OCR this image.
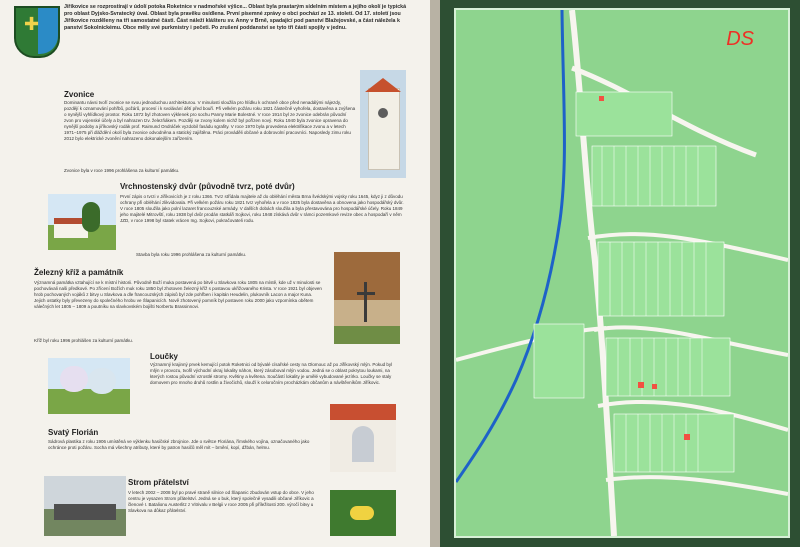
✚
Jiříkovice se rozprostírají v údolí potoka Roketnice v nadmořské výšce... Oblast byla prastarým sídelním místem a jejího okolí je typická pro oblast Dyjsko-Svratecký úval. Oblast byla pravěku osídlena. První písemné zprávy o obci pochází ze 13. století. Od 17. století jsou Jiříkovice rozděleny na tři samostatné části. Část náleží klášteru sv. Anny v Brně, spadající pod panství Blažejovské, a část náležela k panství Sokolnickému. Obce měly své purkmistry i pečeti. Po zrušení poddanství se tyto tři části spojily v jednu.
Zvonice
Dominantu návsi tvoří zvonice se svou jednoduchou architekturou. V minulosti sloužila pro hlídku k ochraně obce před nenadálými nájezdy, pozdějí k oznamování pohřbů, požárů, procesí i k svolávání dětí před bouří. Při velkém požáru roku 1821 částečně vyhořela, dostavěna a zvýšena o nynější vyhlídkový prostor. Roku 1872 byl zhotoven výklenek pro sochu Panny Marie Bolestné. V roce 1914 byl ze zvonice odebrán původní zvon pro vojenské účely a byl nahrazen tzv. železňákem. Později se zvony kolem nichž byl pořízen nový. Roku 1940 byla zvonice opravena do nynější podoby a jiříkovský rodák prof. Raimund Ondráček vyzdobil fasádu sgrafity. V roce 1970 byla provedena elektrifikace zvonu a v letech 1971–1975 při dláždění okolí byla zvonice odvodněna a statický zajištěna. Práci prováděli občané a dobrovolní pracovníci. Naposledy zimu roku 2012 bylo elektrické zvonění nahrazeno dokonalejším zařízením.
Zvonice byla v roce 1996 prohlášena za kulturní památku.
Vrchnostenský dvůr (původně tvrz, poté dvůr)
První zápis o tvrzi v Jiříkovicích je z roku 1366. Tvrz střídala majitele až do obléhání města Brna švédskými vojsky roku 1645, kdyz ji z důvodu ochrany při obléhání zlikvidovala. Při velkém požáru roku 1821 tvrz vyhořela a v roce 1825 byla dostavěna a obnovena jako hospodářský dvůr. V roce 1805 sloužila jako polní lazaret francouzské armády. V dalších dobách sloužila a byla přestavována pro hospodářské účely. Roku 1849 jeho majitelé Mitrovští, roku 1938 byl dvůr prodán statkáři Sojkovi, roku 1948 získává dvůr v rámci pozemkové revize obec a hospodaří v něm JZD, v roce 1998 byl statek vrácen Ing. Sojkovi, pokračovateli rodu.
Stavba byla roku 1996 prohlášena za kulturní památku.
Železný kříž a památník
Významná památka vztahující se k místní historii. Původně Boží muka postavená po bitvě u Slavkova roku 1805 na místě, kde už v minulosti se pochovávali naši předkové. Po zřícení Božích muk roku 1850 byl zhotoven železný kříž s postavou ukřižovaného Krista. V roce 1921 byl objeven hrob pochovaných vojáků z bitvy u Slavkova a dle francouzských zápisů byl zde pohřben i kapitán Heudelin, plukovník Lacon a major Kuna. Jejich ostatky byly převezeny do společného hrobu ve Šlapanicích. Nově zhotovený pomník byl postaven roku 2000 jako vzpomínka obětem válečných let 1805 – 1809 a poutníku na slavkovském bojišti Norbertu Brassinnovi.
Kříž byl roku 1996 prohlášen za kulturní památku.
Loučky
Významný krajinný prvek kemující potok Roketnici od bývalé císařské cesty na Olomouc až po Jiříkovský mlýn. Pokud byl mlýn v provozu, tvořil východní okraj lokality náhon, který zásoboval mlýn vodou. Jedná se o oblast pokrytou loukami, na kterých rostou původní vzrostlé stromy. Květiny a květena. Součástí lokality je umělé vybudované jezírko. Loučky se staly domovem pro mnoho druhů rostlin a živočichů, slouží k celoročním procházkám občanům a návštěvníkům Jiříkovic.
Svatý Florián
Sádrová plastika z roku 1906 umístěná ve výklenku hasičské zbrojnice. Jde o světce Floriána, římského vojína, označovaného jako ochránce proti požáru. Socha má všechny atributy, které by patron hasičů měl mít – brnění, kopí, džbán, helmu.
Strom přátelství
V letech 2002 – 2008 byl po pravé straně silnice od Šlapanic zbudován vstup do obce. V jeho centru je vysazen Strom přátelství. Jedná se o buk, který společně vysadili občané Jiříkovic a členové I. Batalionu Austerlitz z Vitrivalu v Belgii v roce 2005 při příležitosti 200. výročí bitvy u Slavkova na důkaz přátelství.
DS
